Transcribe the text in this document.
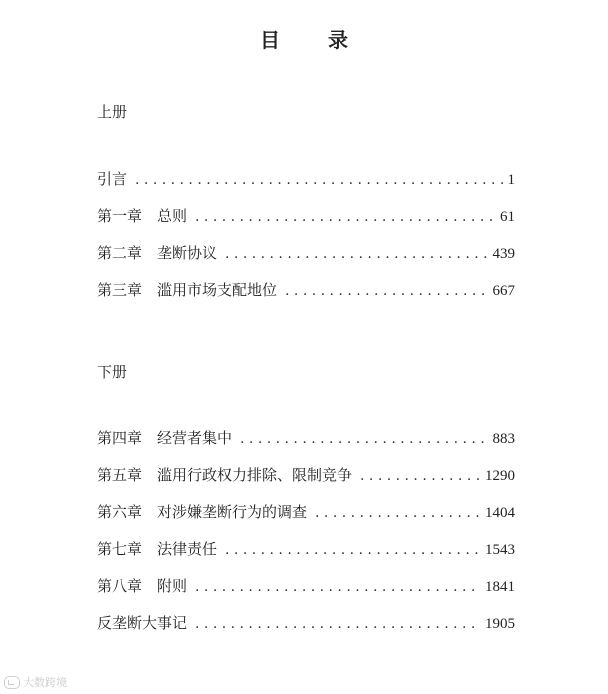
目　录
上册
引言 . . .	1
第一章　总则 . . .	61
第二章　垄断协议 . . .	439
第三章　滥用市场支配地位 . . .	667
下册
第四章　经营者集中 . . .	883
第五章　滥用行政权力排除、限制竞争 . . .	1290
第六章　对涉嫌垄断行为的调查 . . .	1404
第七章　法律责任 . . .	1543
第八章　附则 . . .	1841
反垄断大事记 . . .	1905
大数跨境
